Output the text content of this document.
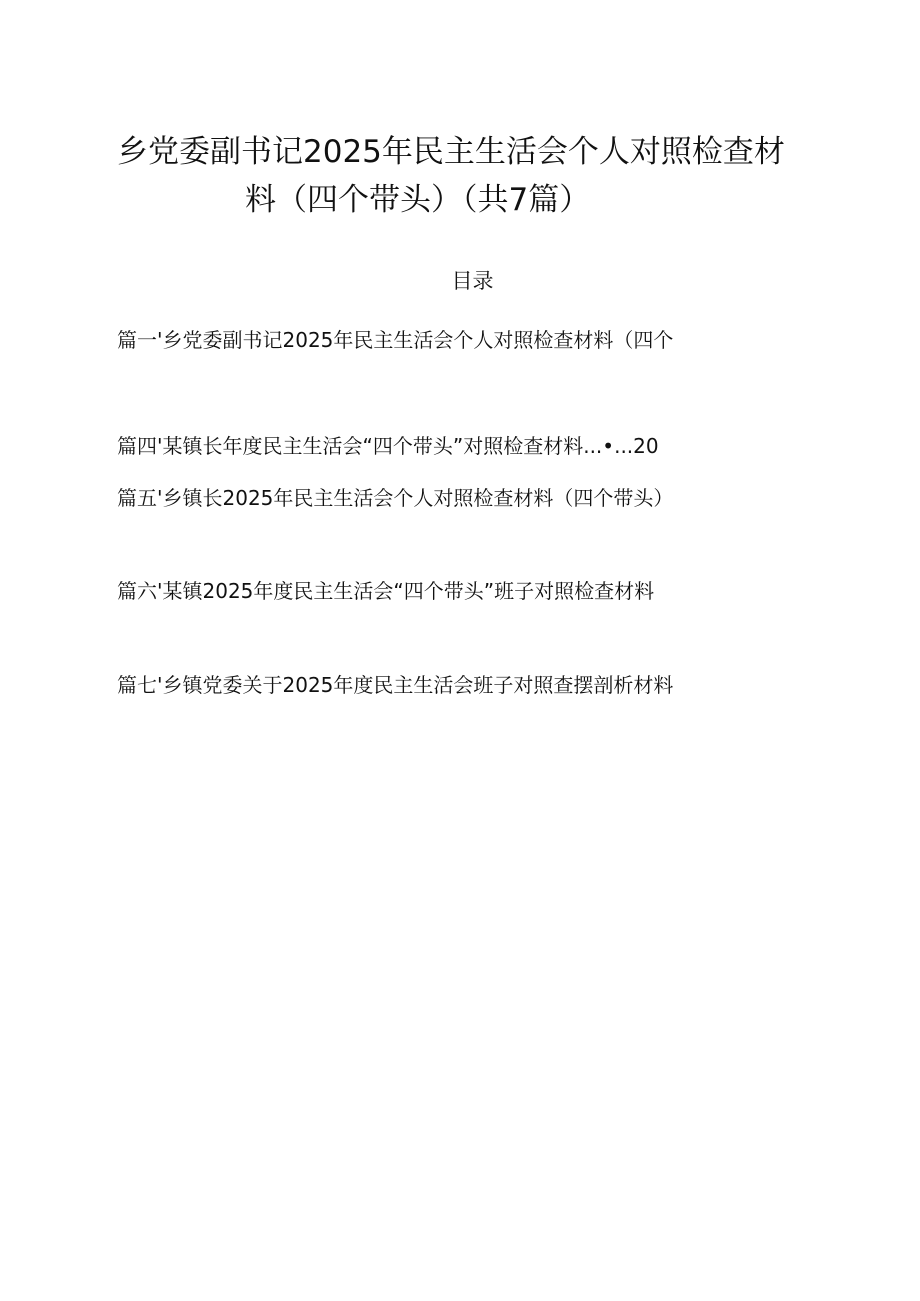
乡党委副书记2025年民主生活会个人对照检查材
料（四个带头）（共7篇）
目录
篇一'乡党委副书记2025年民主生活会个人对照检查材料（四个
篇四'某镇长年度民主生活会“四个带头”对照检查材料...•...20
篇五'乡镇长2025年民主生活会个人对照检查材料（四个带头）
篇六'某镇2025年度民主生活会“四个带头”班子对照检查材料
篇七'乡镇党委关于2025年度民主生活会班子对照查摆剖析材料
